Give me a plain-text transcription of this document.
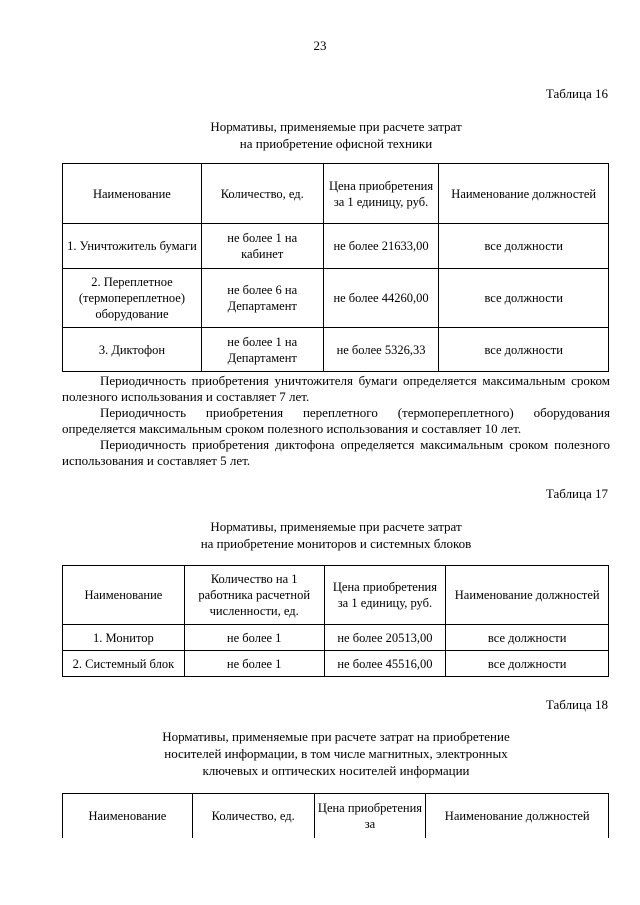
23
Таблица 16
Нормативы, применяемые при расчете затрат
на приобретение офисной техники
Наименование	Количество, ед.	Цена приобретения за 1 единицу, руб.	Наименование должностей
1. Уничтожитель бумаги	не более 1 на кабинет	не более 21633,00	все должности
2. Переплетное (термопереплетное) оборудование	не более 6 на Департамент	не более 44260,00	все должности
3. Диктофон	не более 1 на Департамент	не более 5326,33	все должности

Периодичность приобретения уничтожителя бумаги определяется максимальным сроком полезного использования и составляет 7 лет.

Периодичность приобретения переплетного (термопереплетного) оборудования определяется максимальным сроком полезного использования и составляет 10 лет.

Периодичность приобретения диктофона определяется максимальным сроком полезного использования и составляет 5 лет.

Таблица 17
Нормативы, применяемые при расчете затрат
на приобретение мониторов и системных блоков
Наименование	Количество на 1 работника расчетной численности, ед.	Цена приобретения за 1 единицу, руб.	Наименование должностей
1. Монитор	не более 1	не более 20513,00	все должности
2. Системный блок	не более 1	не более 45516,00	все должности
Таблица 18
Нормативы, применяемые при расчете затрат на приобретение
носителей информации, в том числе магнитных, электронных
ключевых и оптических носителей информации
Наименование	Количество, ед.	Цена приобретения за	Наименование должностей
